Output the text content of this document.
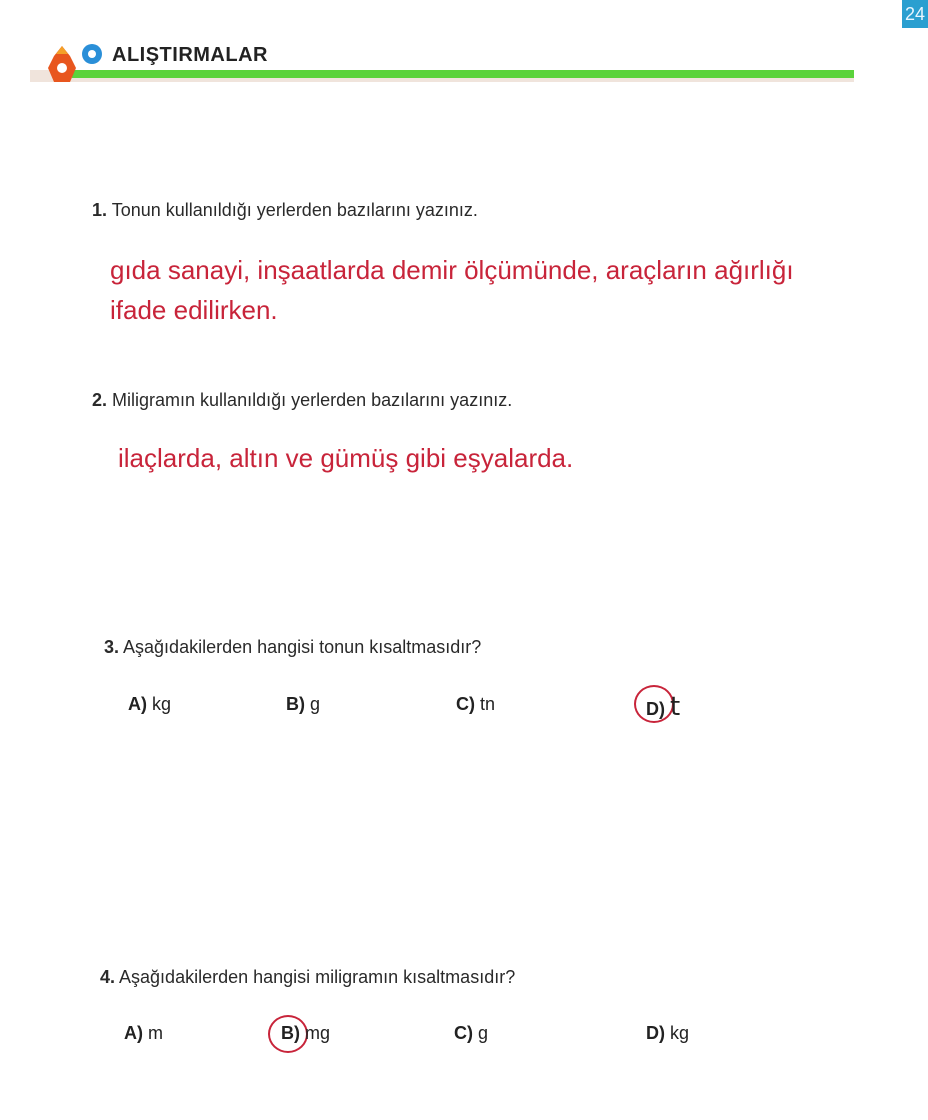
24
ALIŞTIRMALAR
1. Tonun kullanıldığı yerlerden bazılarını yazınız.
gıda sanayi, inşaatlarda demir ölçümünde, araçların ağırlığı
ifade edilirken.
2. Miligramın kullanıldığı yerlerden bazılarını yazınız.
ilaçlarda, altın ve gümüş gibi eşyalarda.
3. Aşağıdakilerden hangisi tonun kısaltmasıdır?
A) kg	B) g	C) tn	D) t
4. Aşağıdakilerden hangisi miligramın kısaltmasıdır?
A) m	B) mg	C) g	D) kg
